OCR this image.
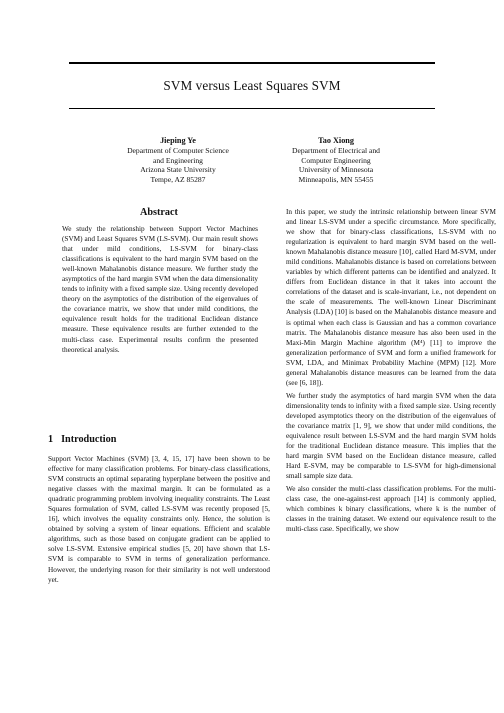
SVM versus Least Squares SVM
Jieping Ye
Department of Computer Science
and Engineering
Arizona State University
Tempe, AZ 85287
Tao Xiong
Department of Electrical and
Computer Engineering
University of Minnesota
Minneapolis, MN 55455
Abstract

We study the relationship between Support Vector Machines (SVM) and Least Squares SVM (LS-SVM). Our main result shows that under mild conditions, LS-SVM for binary-class classifications is equivalent to the hard margin SVM based on the well-known Mahalanobis distance measure. We further study the asymptotics of the hard margin SVM when the data dimensionality tends to infinity with a fixed sample size. Using recently developed theory on the asymptotics of the distribution of the eigenvalues of the covariance matrix, we show that under mild conditions, the equivalence result holds for the traditional Euclidean distance measure. These equivalence results are further extended to the multi-class case. Experimental results confirm the presented theoretical analysis.

1 Introduction

Support Vector Machines (SVM) [3, 4, 15, 17] have been shown to be effective for many classification problems. For binary-class classifications, SVM constructs an optimal separating hyperplane between the positive and negative classes with the maximal margin. It can be formulated as a quadratic programming problem involving inequality constraints. The Least Squares formulation of SVM, called LS-SVM was recently proposed [5, 16], which involves the equality constraints only. Hence, the solution is obtained by solving a system of linear equations. Efficient and scalable algorithms, such as those based on conjugate gradient can be applied to solve LS-SVM. Extensive empirical studies [5, 20] have shown that LS-SVM is comparable to SVM in terms of generalization performance. However, the underlying reason for their similarity is not well understood yet.

In this paper, we study the intrinsic relationship between linear SVM and linear LS-SVM under a specific circumstance. More specifically, we show that for binary-class classifications, LS-SVM with no regularization is equivalent to hard margin SVM based on the well-known Mahalanobis distance measure [10], called Hard M-SVM, under mild conditions. Mahalanobis distance is based on correlations between variables by which different patterns can be identified and analyzed. It differs from Euclidean distance in that it takes into account the correlations of the dataset and is scale-invariant, i.e., not dependent on the scale of measurements. The well-known Linear Discriminant Analysis (LDA) [10] is based on the Mahalanobis distance measure and is optimal when each class is Gaussian and has a common covariance matrix. The Mahalanobis distance measure has also been used in the Maxi-Min Margin Machine algorithm (M⁴) [11] to improve the generalization performance of SVM and form a unified framework for SVM, LDA, and Minimax Probability Machine (MPM) [12]. More general Mahalanobis distance measures can be learned from the data (see [6, 18]).

We further study the asymptotics of hard margin SVM when the data dimensionality tends to infinity with a fixed sample size. Using recently developed asymptotics theory on the distribution of the eigenvalues of the covariance matrix [1, 9], we show that under mild conditions, the equivalence result between LS-SVM and the hard margin SVM holds for the traditional Euclidean distance measure. This implies that the hard margin SVM based on the Euclidean distance measure, called Hard E-SVM, may be comparable to LS-SVM for high-dimensional small sample size data.

We also consider the multi-class classification problems. For the multi-class case, the one-against-rest approach [14] is commonly applied, which combines k binary classifications, where k is the number of classes in the training dataset. We extend our equivalence result to the multi-class case. Specifically, we show
